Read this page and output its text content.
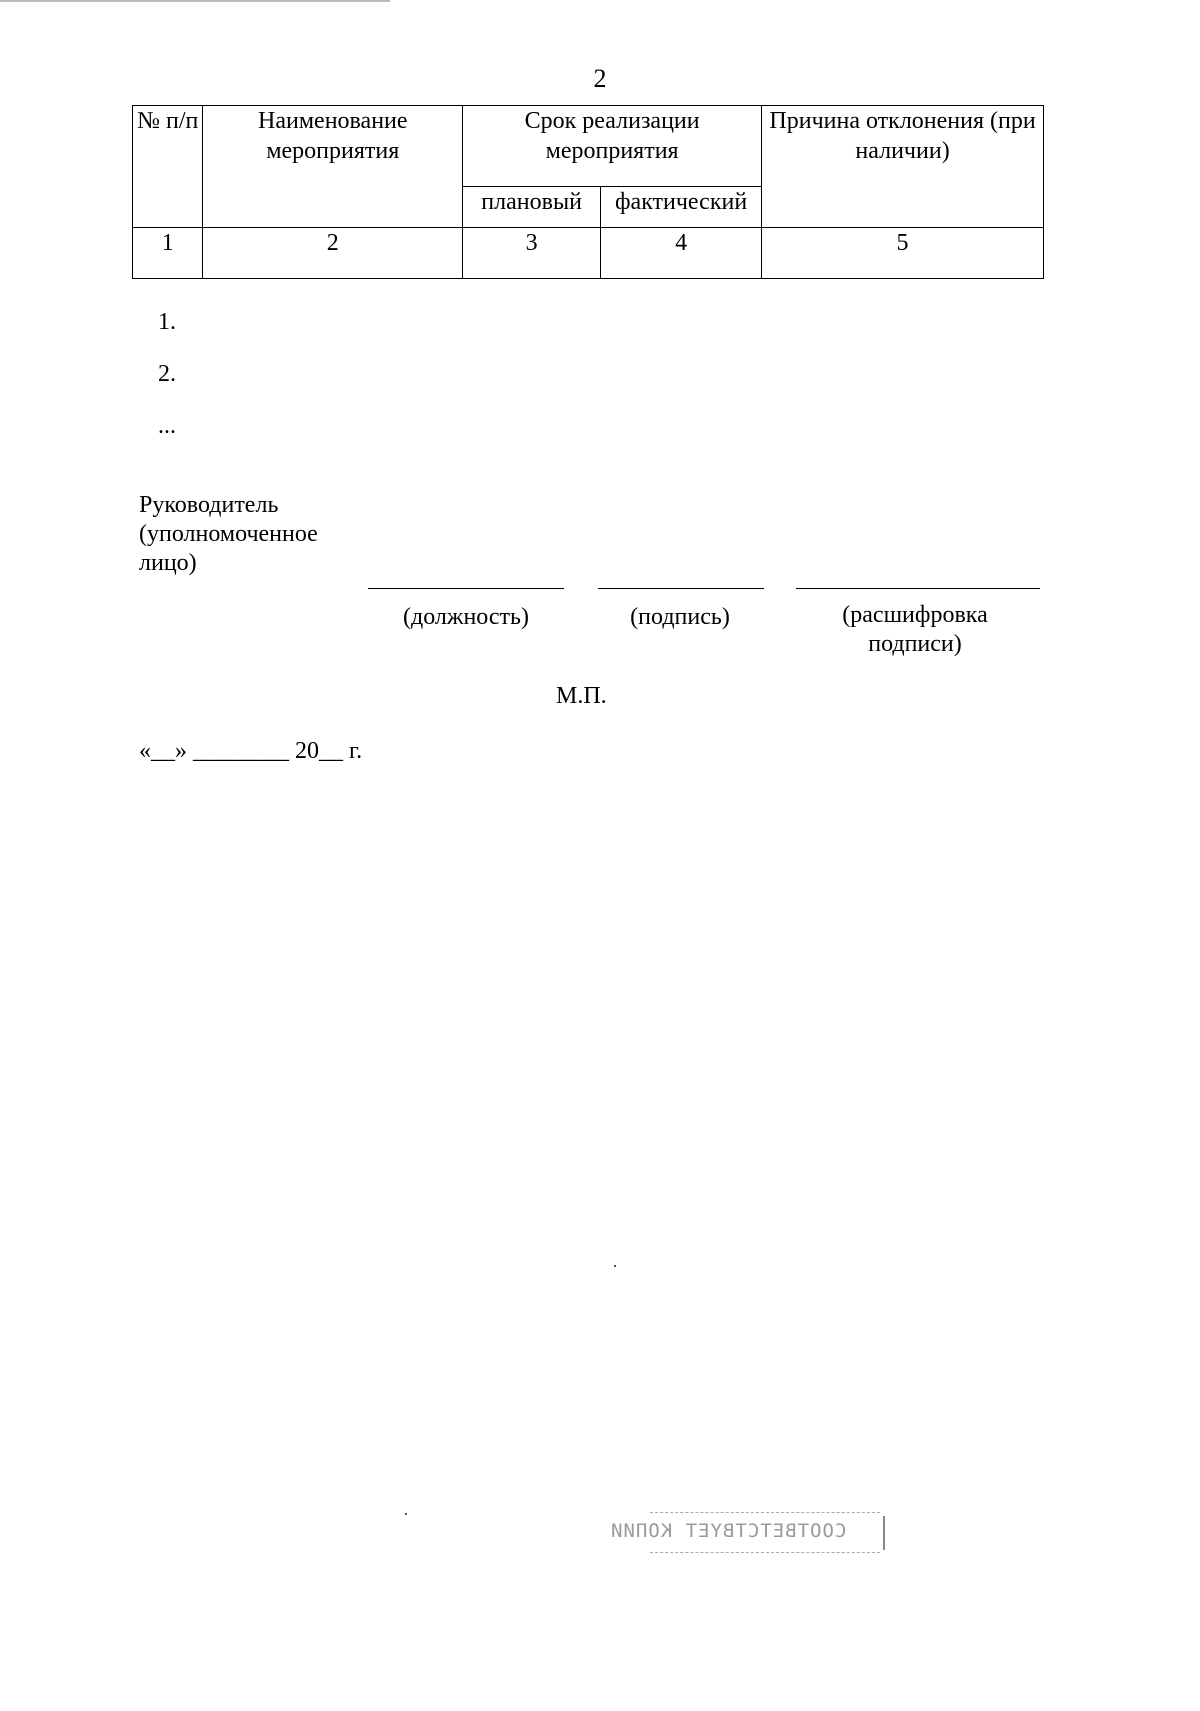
2
№ п/п	Наименование мероприятия	Срок реализации мероприятия		Причина отклонения (при наличии)
		плановый	фактический	
1	2	3	4	5
1.
2.
...
Руководитель (уполномоченное лицо)
(должность)	(подпись)	(расшифровка подписи)
М.П.
«__» ________ 20__ г.
COOTBETCTBYET KOПИИ
